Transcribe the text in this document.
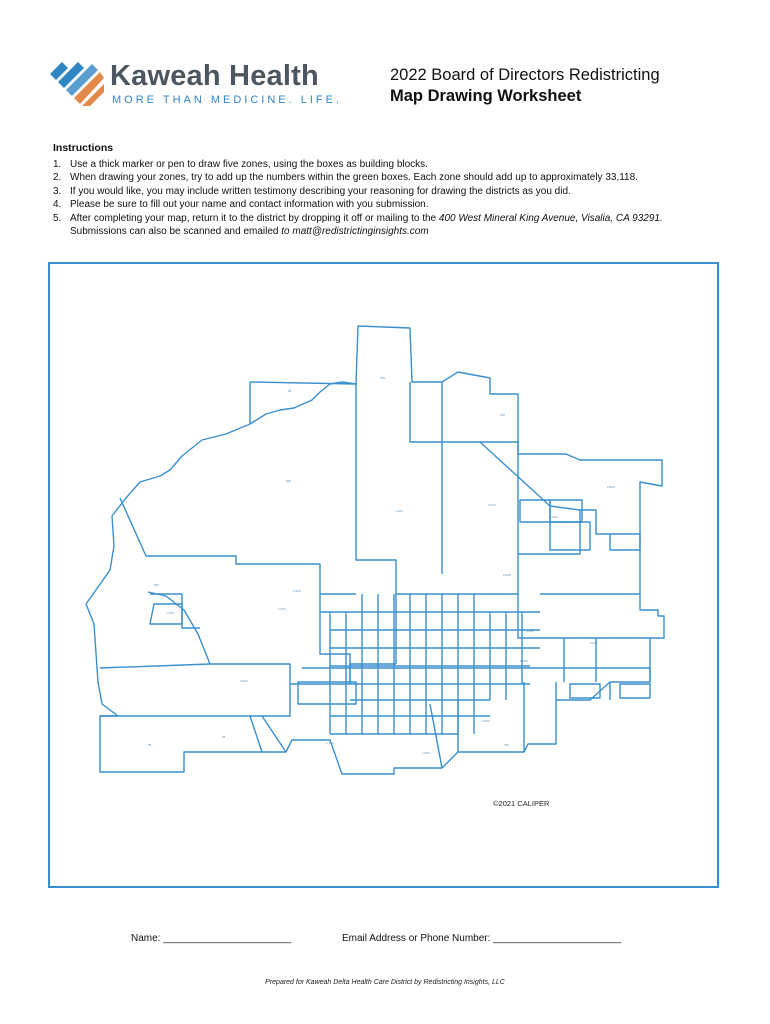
Kaweah Health
MORE THAN MEDICINE. LIFE.
2022 Board of Directors Redistricting
Map Drawing Worksheet
Instructions
1. Use a thick marker or pen to draw five zones, using the boxes as building blocks.
2. When drawing your zones, try to add up the numbers within the green boxes. Each zone should add up to approximately 33,118.
3. If you would like, you may include written testimony describing your reasoning for drawing the districts as you did.
4. Please be sure to fill out your name and contact information with you submission.
5. After completing your map, return it to the district by dropping it off or mailing to the 400 West Mineral King Avenue, Visalia, CA 93291.
Submissions can also be scanned and emailed to matt@redistrictinginsights.com
700
85
760
900
1,900
2,800
3,044
1,244
2,000
1,800
2,373
600
1,245
3,000
86
55
1,244
4,600
1,400
1,000
2,900
700
4,100
©2021 CALIPER
Name: _______________________	Email Address or Phone Number: _______________________
Prepared for Kaweah Delta Health Care District by Redistricting Insights, LLC
